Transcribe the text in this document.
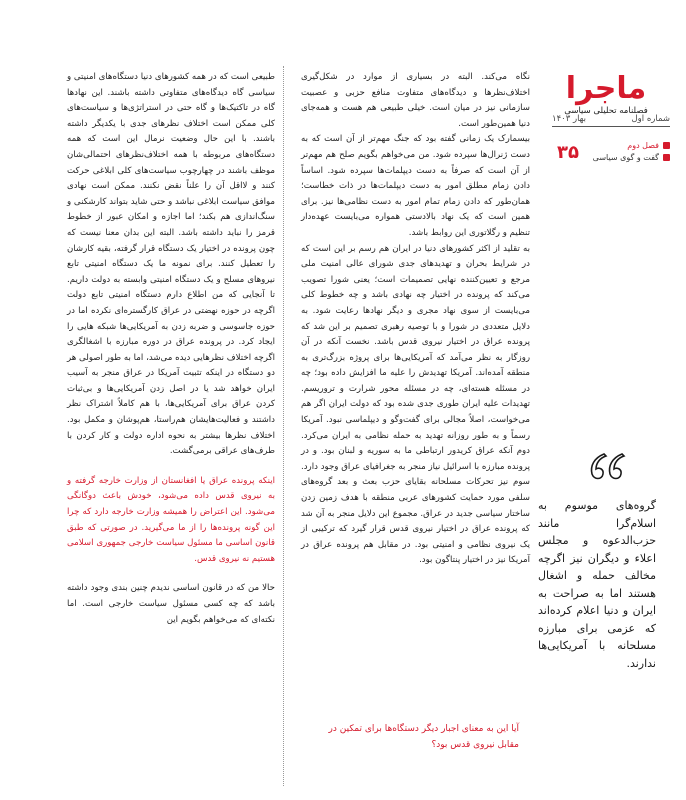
ماجرا
فصلنامه تحلیلی سیاسی
شماره اول
بهار ۱۴۰۳
۳۵	فصل دوم
گفت و گوی سیاسی

گروه‌های موسوم به اسلام‌گرا مانند حزب‌الدعوه و مجلس اعلاء و دیگران نیز اگرچه مخالف حمله و اشغال هستند اما به صراحت به ایران و دنیا اعلام کرده‌اند که عزمی برای مبارزه مسلحانه با آمریکایی‌ها ندارند.

نگاه می‌کند. البته در بسیاری از موارد در شکل‌گیری اختلاف‌نظرها و دیدگاه‌های متفاوت منافع حزبی و عصبیت سازمانی نیز در میان است. خیلی طبیعی هم هست و همه‌جای دنیا همین‌طور است.

بیسمارک یک زمانی گفته بود که جنگ مهم‌تر از آن است که به دست ژنرال‌ها سپرده شود. من می‌خواهم بگویم صلح هم مهم‌تر از آن است که صرفاً به دست دیپلمات‌ها سپرده شود. اساساً دادن زمام مطلق امور به دست دیپلمات‌ها در ذات خطاست؛ همان‌طور که دادن زمام تمام امور به دست نظامی‌ها نیز. برای همین است که یک نهاد بالادستی همواره می‌بایست عهده‌دار تنظیم و رگلاتوری این روابط باشد.

به تقلید از اکثر کشورهای دنیا در ایران هم رسم بر این است که در شرایط بحران و تهدیدهای جدی شورای عالی امنیت ملی مرجع و تعیین‌کننده نهایی تصمیمات است؛ یعنی شورا تصویب می‌کند که پرونده در اختیار چه نهادی باشد و چه خطوط کلی می‌بایست از سوی نهاد مجری و دیگر نهادها رعایت شود. به دلایل متعددی در شورا و با توصیه رهبری تصمیم بر این شد که پرونده عراق در اختیار نیروی قدس باشد. نخست آنکه در آن روزگار به نظر می‌آمد که آمریکایی‌ها برای پروژه بزرگ‌تری به منطقه آمده‌اند. آمریکا تهدیدش را علیه ما افزایش داده بود؛ چه در مسئله هسته‌ای، چه در مسئله محور شرارت و تروریسم. تهدیدات علیه ایران طوری جدی شده بود که دولت ایران اگر هم می‌خواست، اصلاً مجالی برای گفت‌وگو و دیپلماسی نبود. آمریکا رسماً و به طور روزانه تهدید به حمله نظامی به ایران می‌کرد. دوم آنکه عراق کریدور ارتباطی ما به سوریه و لبنان بود. و در پرونده مبارزه با اسرائیل نیاز منجر به جغرافیای عراق وجود دارد. سوم نیز تحرکات مسلحانه بقایای حزب بعث و بعد گروه‌های سلفی مورد حمایت کشورهای عربی منطقه با هدف زمین زدن ساختار سیاسی جدید در عراق. مجموع این دلایل منجر به آن شد که پرونده عراق در اختیار نیروی قدس قرار گیرد که ترکیبی از یک نیروی نظامی و امنیتی بود. در مقابل هم پرونده عراق در آمریکا نیز در اختیار پنتاگون بود.

آیا این به معنای اجبار دیگر دستگاه‌ها برای تمکین در مقابل نیروی قدس بود؟

طبیعی است که در همه کشورهای دنیا دستگاه‌های امنیتی و سیاسی گاه دیدگاه‌های متفاوتی داشته باشند. این نهادها گاه در تاکتیک‌ها و گاه حتی در استراتژی‌ها و سیاست‌های کلی ممکن است اختلاف نظرهای جدی با یکدیگر داشته باشند. با این حال وضعیت نرمال این است که همه دستگاه‌های مربوطه با همه اختلاف‌نظرهای احتمالی‌شان موظف باشند در چهارچوب سیاست‌های کلی ابلاغی حرکت کنند و لااقل آن را علناً نقض نکنند. ممکن است نهادی موافق سیاست ابلاغی نباشد و حتی شاید بتواند کارشکنی و سنگ‌اندازی هم بکند؛ اما اجازه و امکان عبور از خطوط قرمز را نباید داشته باشد. البته این بدان معنا نیست که چون پرونده در اختیار یک دستگاه قرار گرفته، بقیه کارشان را تعطیل کنند. برای نمونه ما یک دستگاه امنیتی تابع نیروهای مسلح و یک دستگاه امنیتی وابسته به دولت داریم. تا آنجایی که من اطلاع دارم دستگاه امنیتی تابع دولت اگرچه در حوزه نهضتی در عراق کارگستره‌ای نکرده اما در حوزه جاسوسی و ضربه زدن به آمریکایی‌ها شبکه هایی را ایجاد کرد. در پرونده عراق در دوره مبارزه با اشغالگری اگرچه اختلاف نظرهایی دیده می‌شد، اما به طور اصولی هر دو دستگاه در اینکه تثبیت آمریکا در عراق منجر به آسیب ایران خواهد شد یا در اصل زدن آمریکایی‌ها و بی‌ثبات کردن عراق برای آمریکایی‌ها، با هم کاملاً اشتراک نظر داشتند و فعالیت‌هایشان هم‌راستا، هم‌پوشان و مکمل بود. اختلاف نظرها بیشتر به نحوه اداره دولت و کار کردن با طرف‌های عراقی برمی‌گشت.

اینکه پرونده عراق یا افغانستان از وزارت خارجه گرفته و به نیروی قدس داده می‌شود، خودش باعث دوگانگی می‌شود. این اعتراض را همیشه وزارت خارجه دارد که چرا این گونه پرونده‌ها را از ما می‌گیرید. در صورتی که طبق قانون اساسی ما مسئول سیاست خارجی جمهوری اسلامی هستیم نه نیروی قدس.

حالا من که در قانون اساسی ندیدم چنین بندی وجود داشته باشد که چه کسی مسئول سیاست خارجی است. اما نکته‌ای که می‌خواهم بگویم این
